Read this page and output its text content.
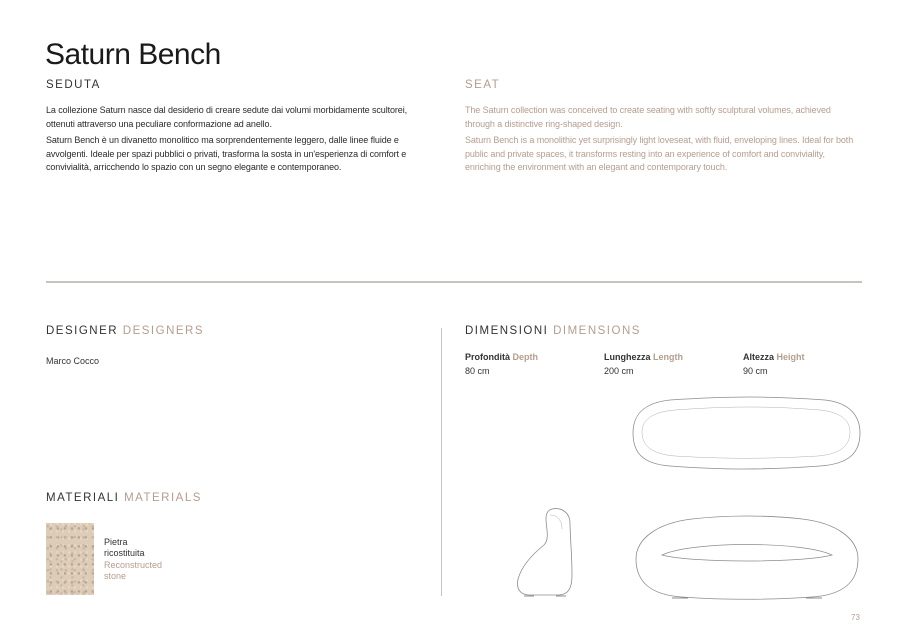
Saturn Bench
SEDUTA	SEAT

La collezione Saturn nasce dal desiderio di creare sedute dai volumi morbidamente scultorei, ottenuti attraverso una peculiare conformazione ad anello.

Saturn Bench è un divanetto monolitico ma sorprendentemente leggero, dalle linee fluide e avvolgenti. Ideale per spazi pubblici o privati, trasforma la sosta in un'esperienza di comfort e convivialità, arricchendo lo spazio con un segno elegante e contemporaneo.

The Saturn collection was conceived to create seating with softly sculptural volumes, achieved through a distinctive ring-shaped design.

Saturn Bench is a monolithic yet surprisingly light loveseat, with fluid, enveloping lines. Ideal for both public and private spaces, it transforms resting into an experience of comfort and conviviality, enriching the environment with an elegant and contemporary touch.

DESIGNER DESIGNERS
Marco Cocco
DIMENSIONI DIMENSIONS
Profondità Depth
80 cm
Lunghezza Length
200 cm
Altezza Height
90 cm
MATERIALI MATERIALS
Pietra
ricostituita
Reconstructed
stone
73
